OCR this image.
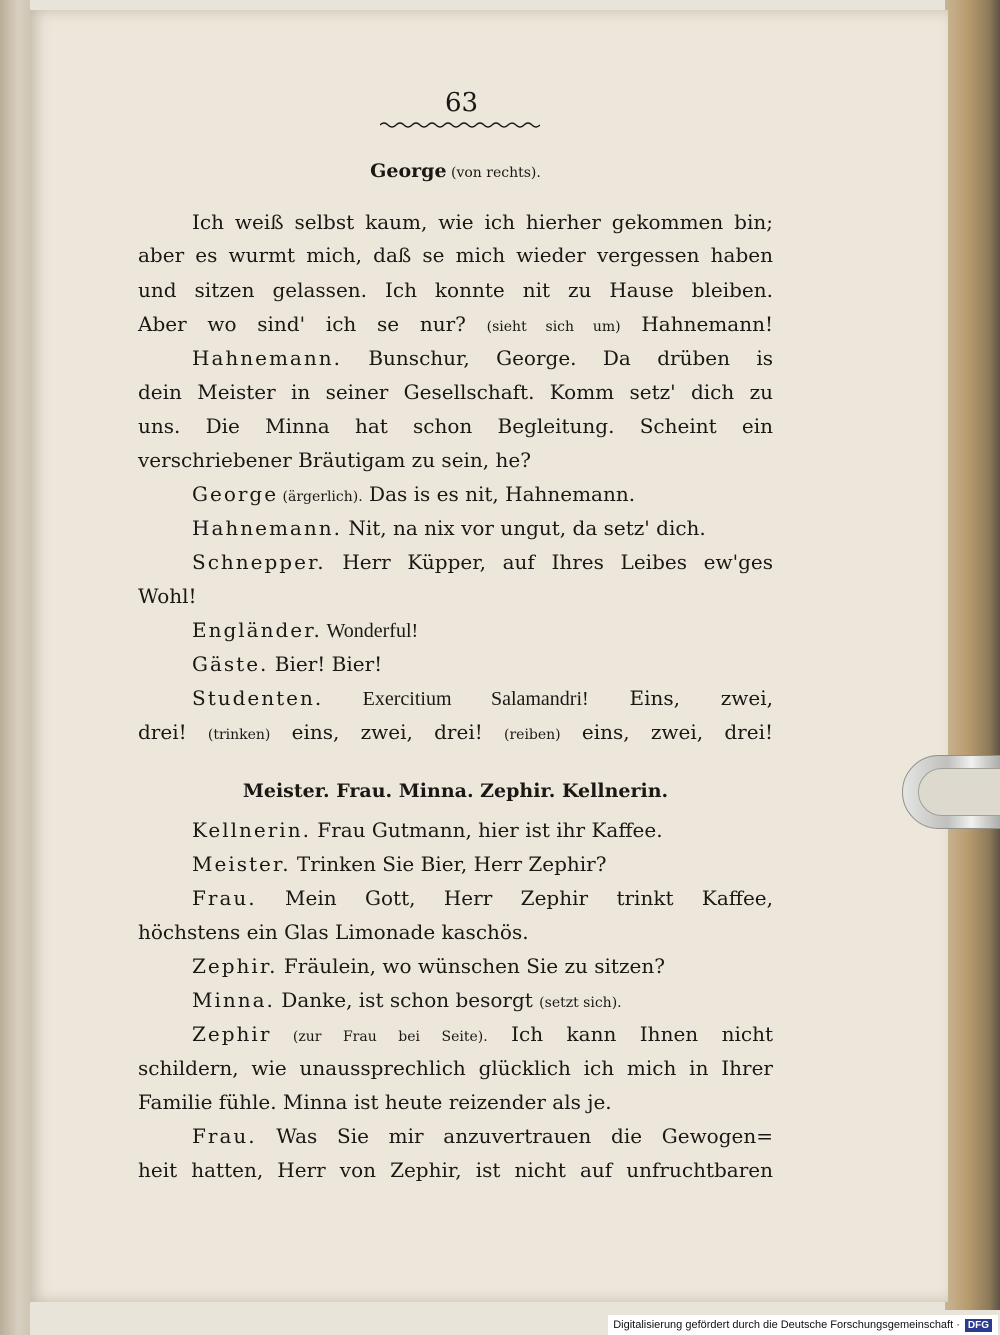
63
George (von rechts).
Ich weiß selbst kaum, wie ich hierher gekommen bin;
aber es wurmt mich, daß se mich wieder vergessen haben
und sitzen gelassen. Ich konnte nit zu Hause bleiben.
Aber wo sind' ich se nur? (sieht sich um) Hahnemann!
Hahnemann. Bunschur, George. Da drüben is
dein Meister in seiner Gesellschaft. Komm setz' dich zu
uns. Die Minna hat schon Begleitung. Scheint ein
verschriebener Bräutigam zu sein, he?
George (ärgerlich). Das is es nit, Hahnemann.
Hahnemann. Nit, na nix vor ungut, da setz' dich.
Schnepper. Herr Küpper, auf Ihres Leibes ew'ges
Wohl!
Engländer. Wonderful!
Gäste. Bier! Bier!
Studenten. Exercitium Salamandri! Eins, zwei,
drei! (trinken) eins, zwei, drei! (reiben) eins, zwei, drei!
Meister. Frau. Minna. Zephir. Kellnerin.
Kellnerin. Frau Gutmann, hier ist ihr Kaffee.
Meister. Trinken Sie Bier, Herr Zephir?
Frau. Mein Gott, Herr Zephir trinkt Kaffee,
höchstens ein Glas Limonade kaschös.
Zephir. Fräulein, wo wünschen Sie zu sitzen?
Minna. Danke, ist schon besorgt (setzt sich).
Zephir (zur Frau bei Seite). Ich kann Ihnen nicht
schildern, wie unaussprechlich glücklich ich mich in Ihrer
Familie fühle. Minna ist heute reizender als je.
Frau. Was Sie mir anzuvertrauen die Gewogen=
heit hatten, Herr von Zephir, ist nicht auf unfruchtbaren
Digitalisierung gefördert durch die Deutsche Forschungsgemeinschaft · DFG
